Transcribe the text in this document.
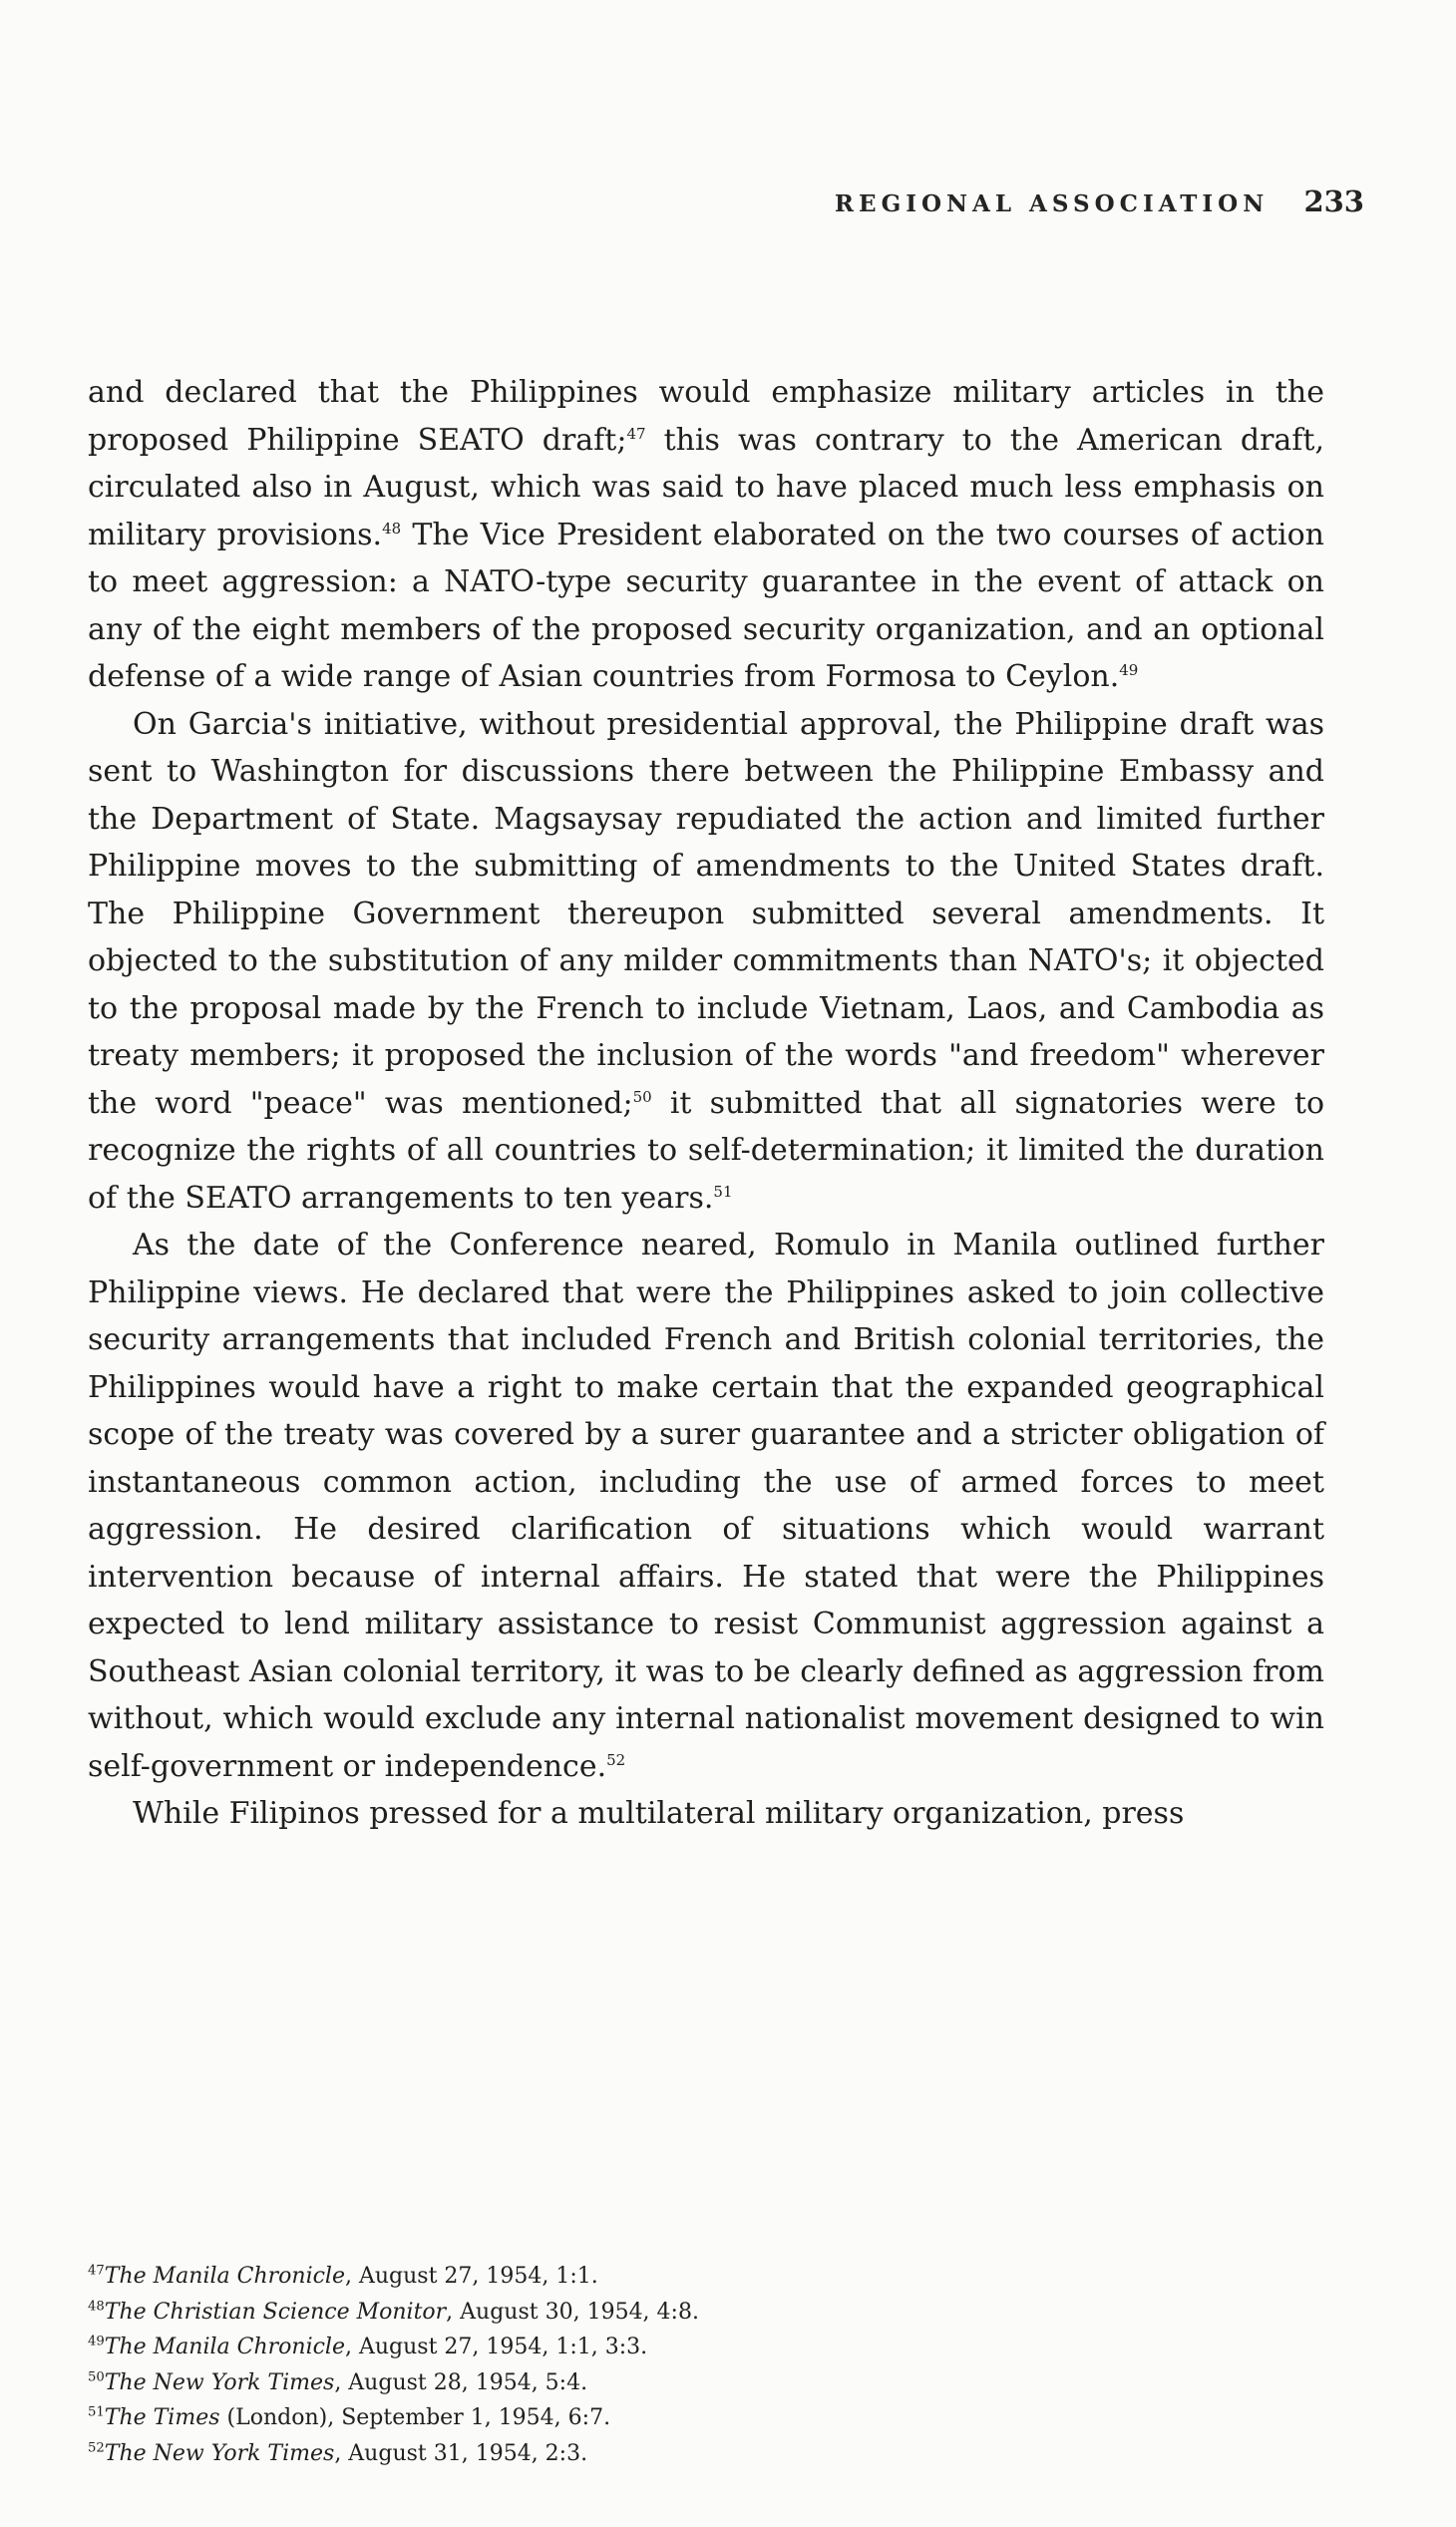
REGIONAL ASSOCIATION 233

and declared that the Philippines would emphasize military articles in the proposed Philippine SEATO draft;$^{47}$ this was contrary to the American draft, circulated also in August, which was said to have placed much less emphasis on military provisions.$^{48}$ The Vice President elaborated on the two courses of action to meet aggression: a NATO-type security guarantee in the event of attack on any of the eight members of the proposed security organization, and an optional defense of a wide range of Asian countries from Formosa to Ceylon.$^{49}$

On Garcia's initiative, without presidential approval, the Philippine draft was sent to Washington for discussions there between the Philippine Embassy and the Department of State. Magsaysay repudiated the action and limited further Philippine moves to the submitting of amendments to the United States draft. The Philippine Government thereupon submitted several amendments. It objected to the substitution of any milder commitments than NATO's; it objected to the proposal made by the French to include Vietnam, Laos, and Cambodia as treaty members; it proposed the inclusion of the words "and freedom" wherever the word "peace" was mentioned;$^{50}$ it submitted that all signatories were to recognize the rights of all countries to self-determination; it limited the duration of the SEATO arrangements to ten years.$^{51}$

As the date of the Conference neared, Romulo in Manila outlined further Philippine views. He declared that were the Philippines asked to join collective security arrangements that included French and British colonial territories, the Philippines would have a right to make certain that the expanded geographical scope of the treaty was covered by a surer guarantee and a stricter obligation of instantaneous common action, including the use of armed forces to meet aggression. He desired clarification of situations which would warrant intervention because of internal affairs. He stated that were the Philippines expected to lend military assistance to resist Communist aggression against a Southeast Asian colonial territory, it was to be clearly defined as aggression from without, which would exclude any internal nationalist movement designed to win self-government or independence.$^{52}$

While Filipinos pressed for a multilateral military organization, press

$^{47}$The Manila Chronicle, August 27, 1954, 1:1.

$^{48}$The Christian Science Monitor, August 30, 1954, 4:8.

$^{49}$The Manila Chronicle, August 27, 1954, 1:1, 3:3.

$^{50}$The New York Times, August 28, 1954, 5:4.

$^{51}$The Times (London), September 1, 1954, 6:7.

$^{52}$The New York Times, August 31, 1954, 2:3.
